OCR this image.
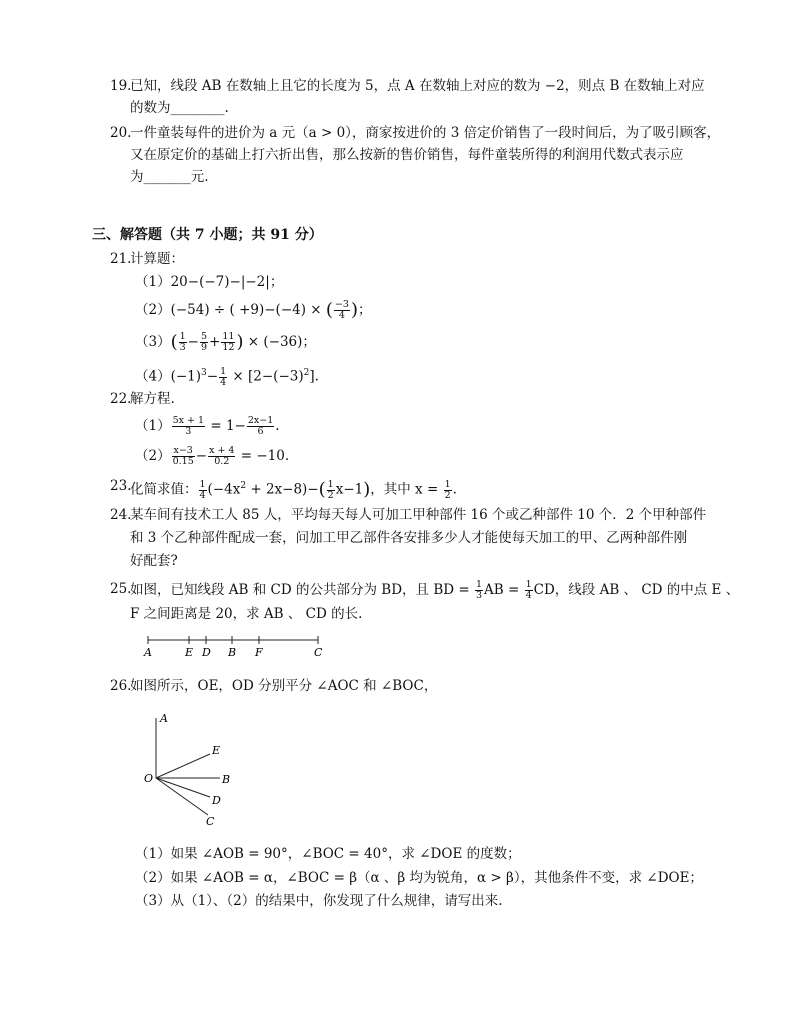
19.
已知，线段 AB 在数轴上且它的长度为 5，点 A 在数轴上对应的数为 −2，则点 B 在数轴上对应
的数为________.
20.
一件童装每件的进价为 a 元（a > 0），商家按进价的 3 倍定价销售了一段时间后，为了吸引顾客，
又在原定价的基础上打六折出售，那么按新的售价销售，每件童装所得的利润用代数式表示应
为_______元.
三、解答题（共 7 小题；共 91 分）
21.
计算题：
（1）20−(−7)−|−2|；
（2）(−54) ÷ ( +9)−(−4) × ( $\frac{-3}{4}$ )；
$(3)( \frac{1}{3} - \frac{5}{9} + \frac{11}{12}$ ) × (−36)；
$(4)(-1)^3- \frac{1}{4} \times [2-(-3)^2]$.
22.
解方程.
$(1) \frac{5x + 1}{3} = 1- \frac{2x-1}{6}$ .
$(2) \frac{x-3}{0.15} - \frac{x + 4}{0.2} = -10$.
23.
化简求值： $\frac{1}{4} (-4x^2 + 2x-8)-( \frac{1}{2} x-1)$，其中 $x = \frac{1}{2}$ .
24.
某车间有技术工人 85 人，平均每天每人可加工甲种部件 16 个或乙种部件 10 个．2 个甲种部件
和 3 个乙种部件配成一套，问加工甲乙部件各安排多少人才能使每天加工的甲、乙两种部件刚
好配套?
25.
如图，已知线段 AB 和 CD 的公共部分为 BD，且 BD = $\frac{1}{3}$ AB = $\frac{1}{4}$ CD，线段 AB 、 CD 的中点 E 、
F 之间距离是 20，求 AB 、 CD 的长.
A	E D B F	C
26.
如图所示，OE，OD 分别平分 ∠AOC 和 ∠BOC，
A
E
O	B
D
C
（1）如果 ∠AOB = 90°，∠BOC = 40°，求 ∠DOE 的度数；
（2）如果 ∠AOB = α，∠BOC = β（α 、β 均为锐角，α > β），其他条件不变，求 ∠DOE；
（3）从（1）、（2）的结果中，你发现了什么规律，请写出来.
